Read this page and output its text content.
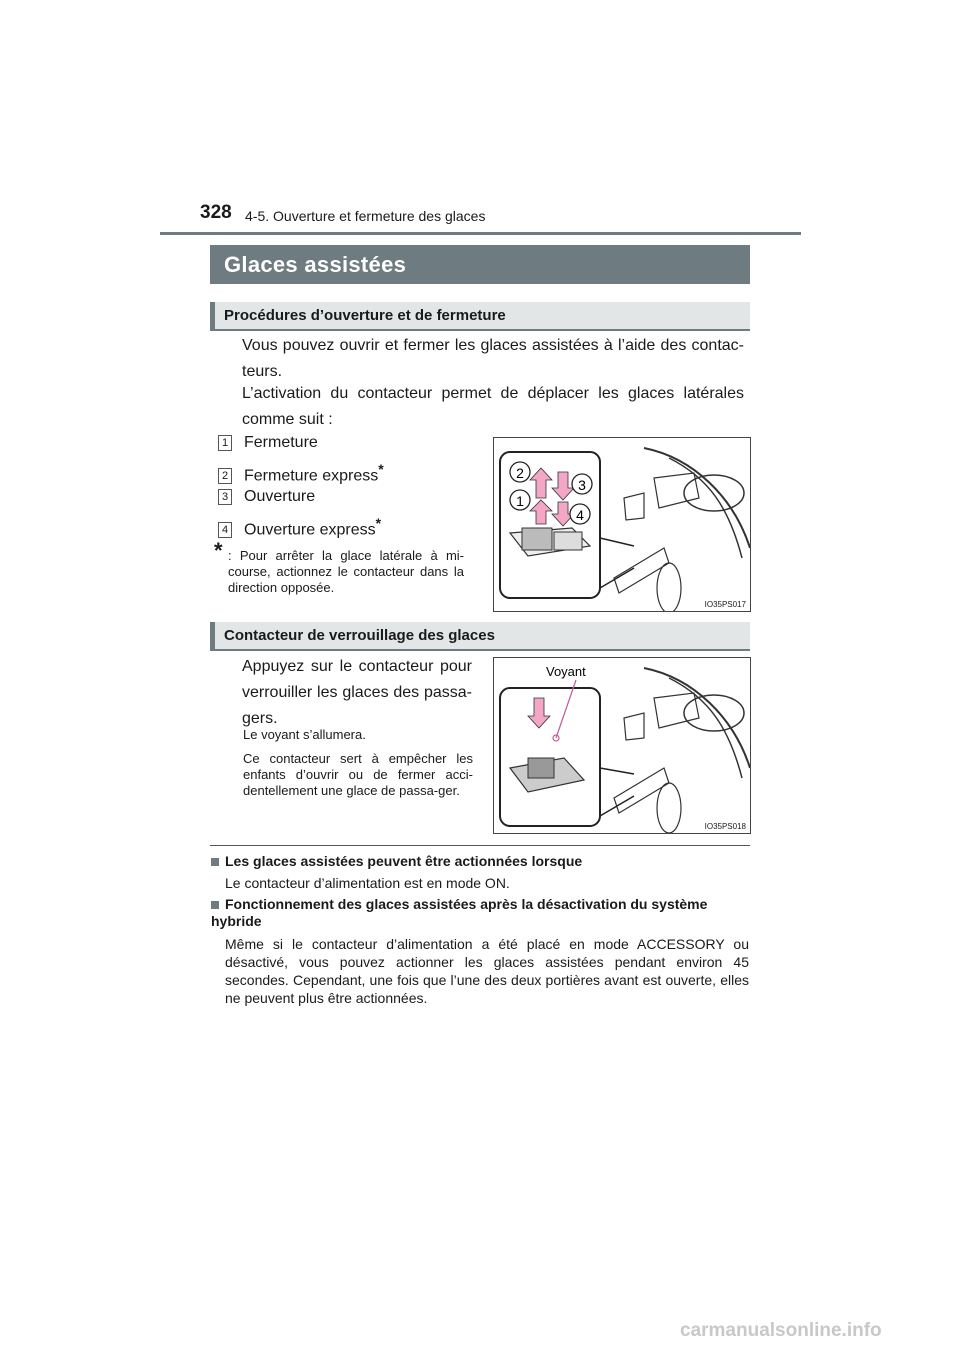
328 4-5. Ouverture et fermeture des glaces
Glaces assistées
Procédures d’ouverture et de fermeture
Vous pouvez ouvrir et fermer les glaces assistées à l’aide des contac-teurs.
L’activation du contacteur permet de déplacer les glaces latérales comme suit :
1 Fermeture
2 Fermeture express*
3 Ouverture
4 Ouverture express*
* : Pour arrêter la glace latérale à mi-course, actionnez le contacteur dans la direction opposée.
2
1
3
4
IO35PS017
Contacteur de verrouillage des glaces
Appuyez sur le contacteur pour verrouiller les glaces des passa-gers.
Le voyant s’allumera.
Ce contacteur sert à empêcher les enfants d’ouvrir ou de fermer acci-dentellement une glace de passa-ger.
Voyant
IO35PS018
Les glaces assistées peuvent être actionnées lorsque
Le contacteur d’alimentation est en mode ON.
Fonctionnement des glaces assistées après la désactivation du système hybride
Même si le contacteur d’alimentation a été placé en mode ACCESSORY ou désactivé, vous pouvez actionner les glaces assistées pendant environ 45 secondes. Cependant, une fois que l’une des deux portières avant est ouverte, elles ne peuvent plus être actionnées.
carmanualsonline.info
